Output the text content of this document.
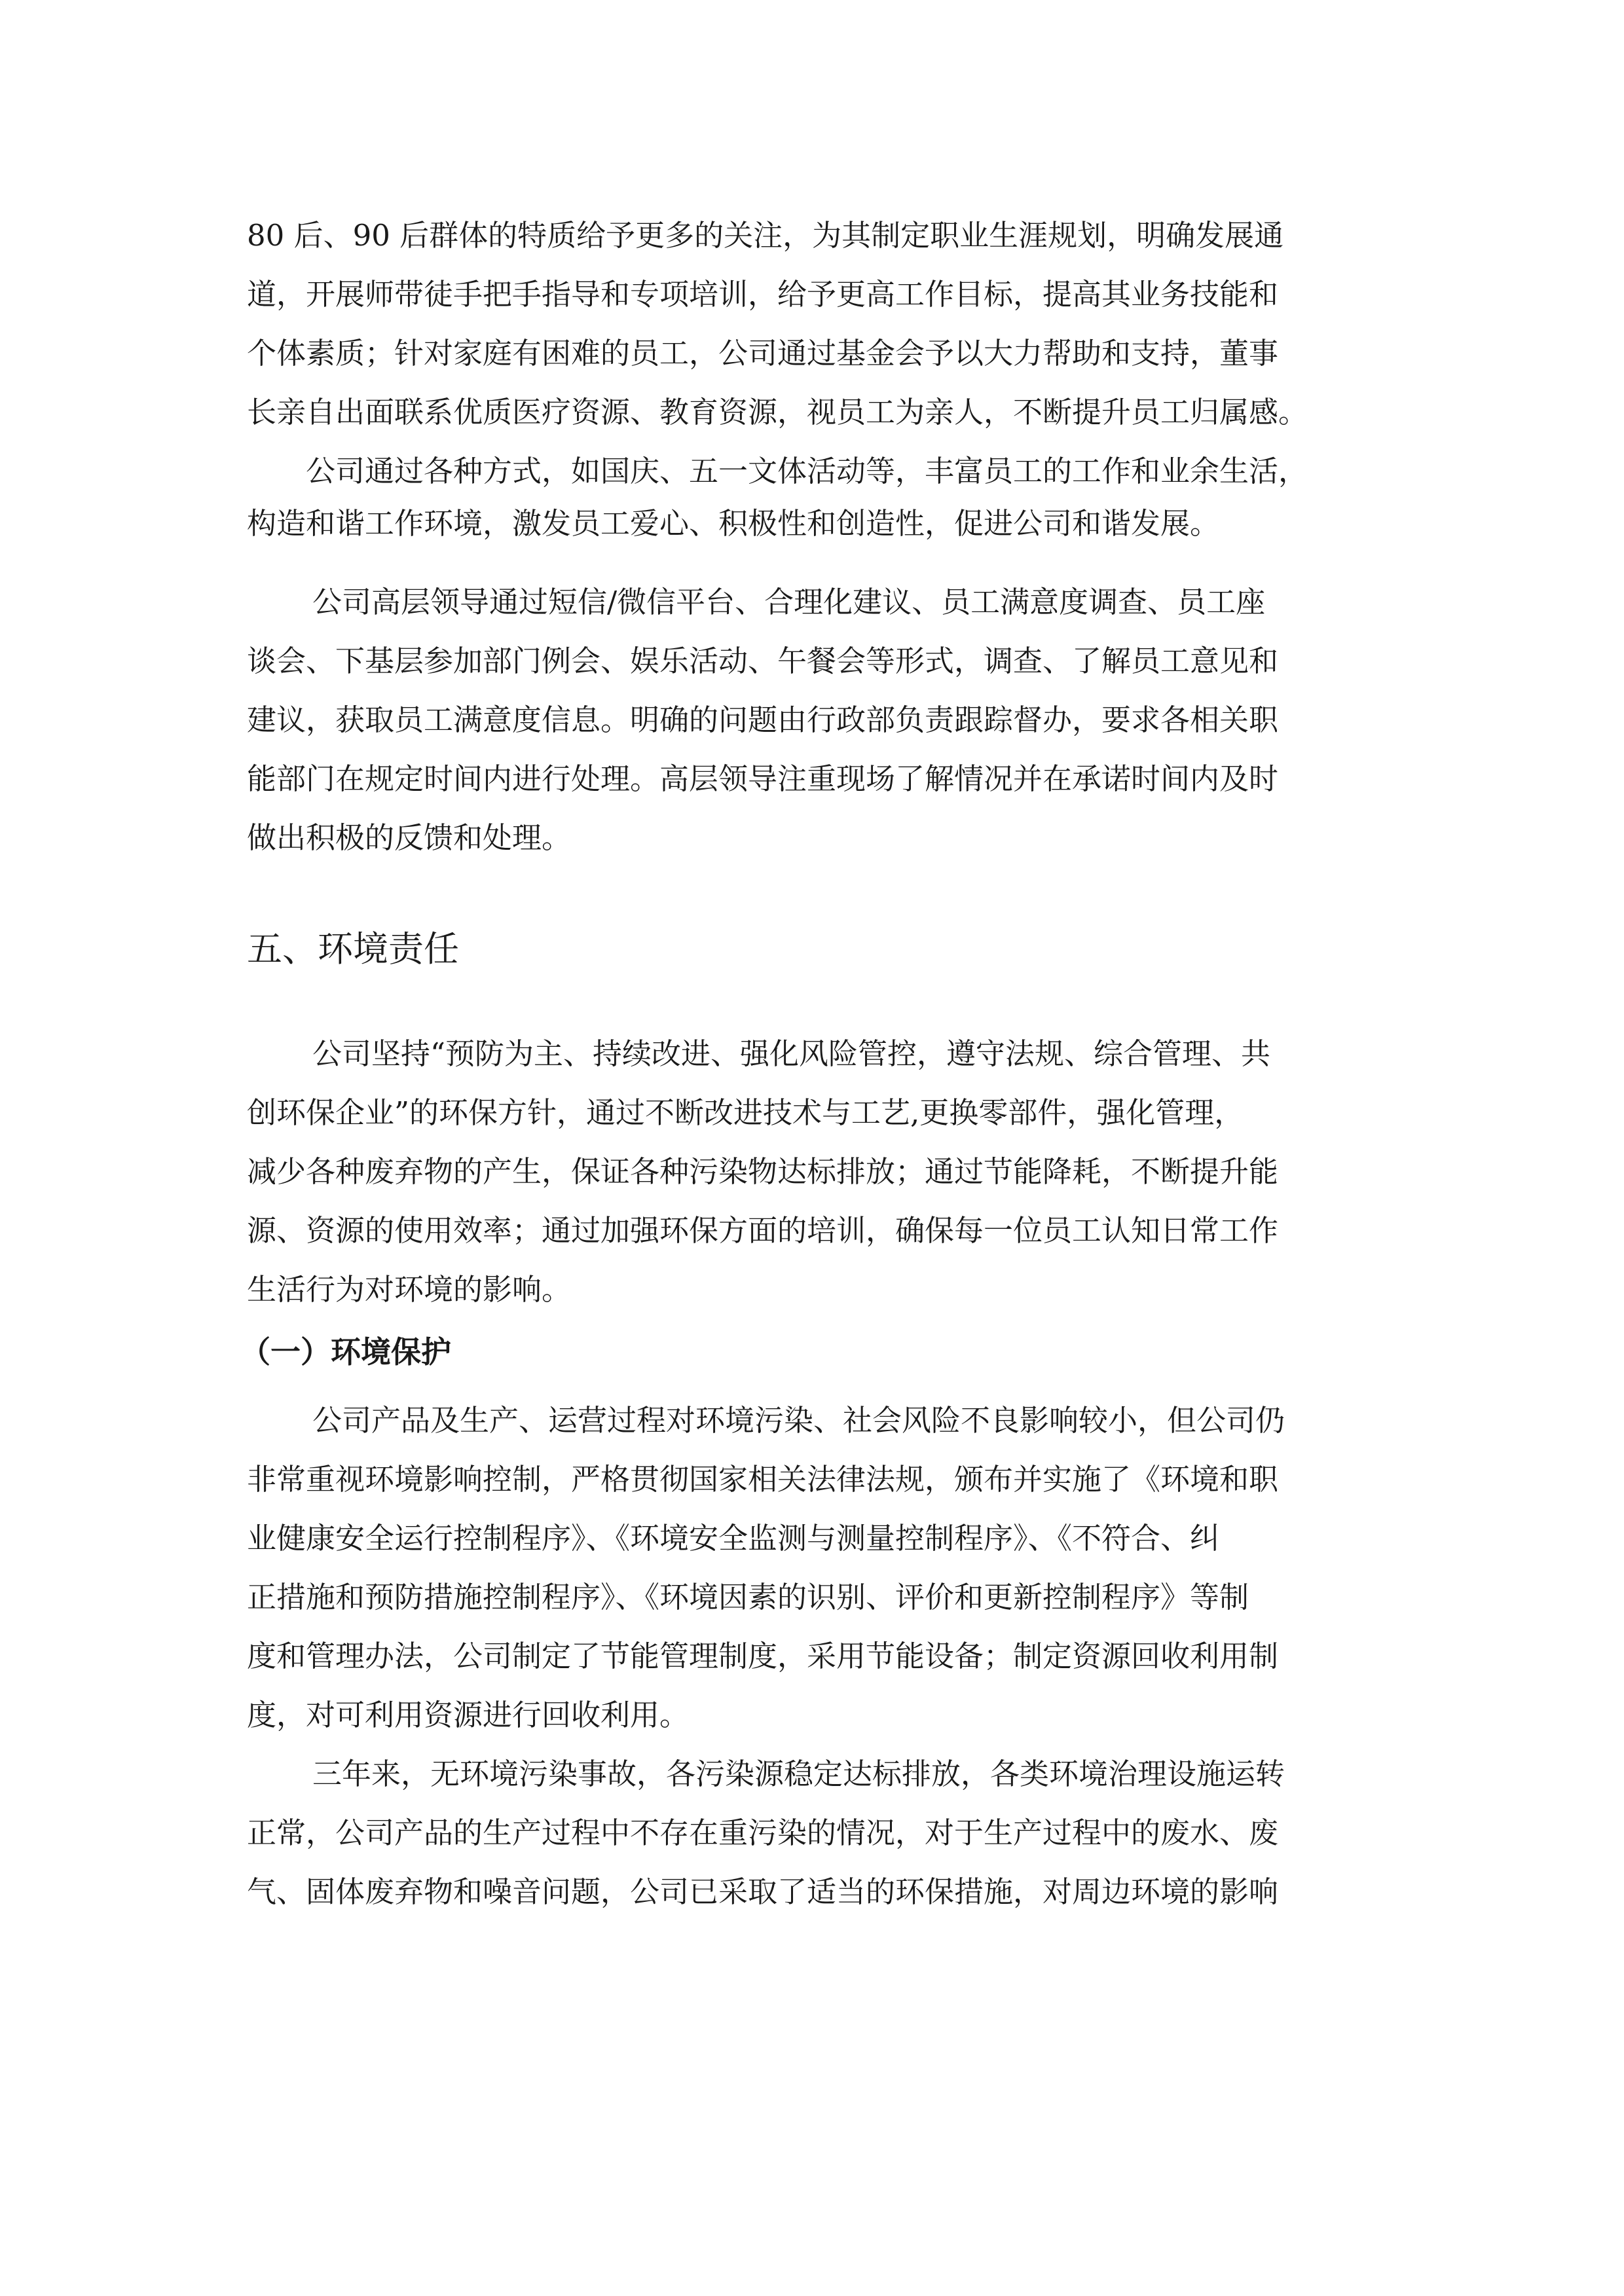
80 后、90 后群体的特质给予更多的关注，为其制定职业生涯规划，明确发展通
道，开展师带徒手把手指导和专项培训，给予更高工作目标，提高其业务技能和
个体素质；针对家庭有困难的员工，公司通过基金会予以大力帮助和支持，董事
长亲自出面联系优质医疗资源、教育资源，视员工为亲人，不断提升员工归属感。
公司通过各种方式，如国庆、五一文体活动等，丰富员工的工作和业余生活，
构造和谐工作环境，激发员工爱心、积极性和创造性，促进公司和谐发展。
公司高层领导通过短信/微信平台、合理化建议、员工满意度调查、员工座
谈会、下基层参加部门例会、娱乐活动、午餐会等形式，调查、了解员工意见和
建议，获取员工满意度信息。明确的问题由行政部负责跟踪督办，要求各相关职
能部门在规定时间内进行处理。高层领导注重现场了解情况并在承诺时间内及时
做出积极的反馈和处理。
五、环境责任
公司坚持“预防为主、持续改进、强化风险管控，遵守法规、综合管理、共
创环保企业”的环保方针，通过不断改进技术与工艺,更换零部件，强化管理，
减少各种废弃物的产生，保证各种污染物达标排放；通过节能降耗，不断提升能
源、资源的使用效率；通过加强环保方面的培训，确保每一位员工认知日常工作
生活行为对环境的影响。
（一）环境保护
公司产品及生产、运营过程对环境污染、社会风险不良影响较小，但公司仍
非常重视环境影响控制，严格贯彻国家相关法律法规，颁布并实施了《环境和职
业健康安全运行控制程序》、《环境安全监测与测量控制程序》、《不符合、纠
正措施和预防措施控制程序》、《环境因素的识别、评价和更新控制程序》等制
度和管理办法，公司制定了节能管理制度，采用节能设备；制定资源回收利用制
度，对可利用资源进行回收利用。
三年来，无环境污染事故，各污染源稳定达标排放，各类环境治理设施运转
正常，公司产品的生产过程中不存在重污染的情况，对于生产过程中的废水、废
气、固体废弃物和噪音问题，公司已采取了适当的环保措施，对周边环境的影响
